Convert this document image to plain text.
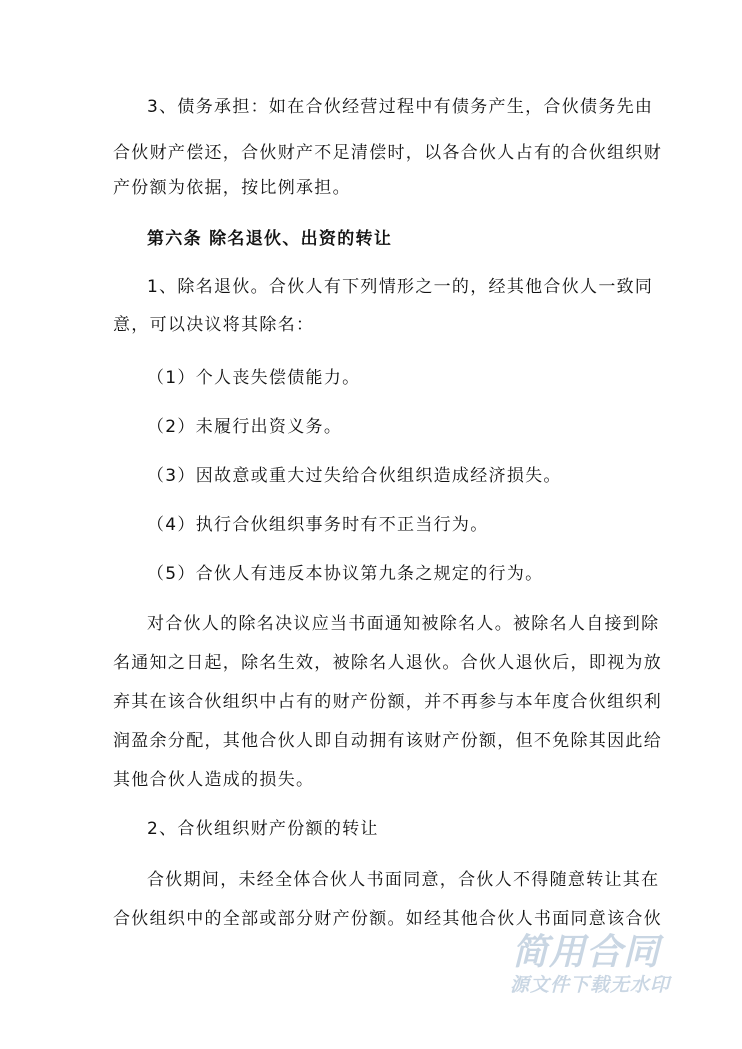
3、债务承担：如在合伙经营过程中有债务产生，合伙债务先由
合伙财产偿还，合伙财产不足清偿时，以各合伙人占有的合伙组织财
产份额为依据，按比例承担。
第六条 除名退伙、出资的转让
1、除名退伙。合伙人有下列情形之一的，经其他合伙人一致同
意，可以决议将其除名：
（1）个人丧失偿债能力。
（2）未履行出资义务。
（3）因故意或重大过失给合伙组织造成经济损失。
（4）执行合伙组织事务时有不正当行为。
（5）合伙人有违反本协议第九条之规定的行为。
对合伙人的除名决议应当书面通知被除名人。被除名人自接到除
名通知之日起，除名生效，被除名人退伙。合伙人退伙后，即视为放
弃其在该合伙组织中占有的财产份额，并不再参与本年度合伙组织利
润盈余分配，其他合伙人即自动拥有该财产份额，但不免除其因此给
其他合伙人造成的损失。
2、合伙组织财产份额的转让
合伙期间，未经全体合伙人书面同意，合伙人不得随意转让其在
合伙组织中的全部或部分财产份额。如经其他合伙人书面同意该合伙
简用合同
源文件下载无水印
